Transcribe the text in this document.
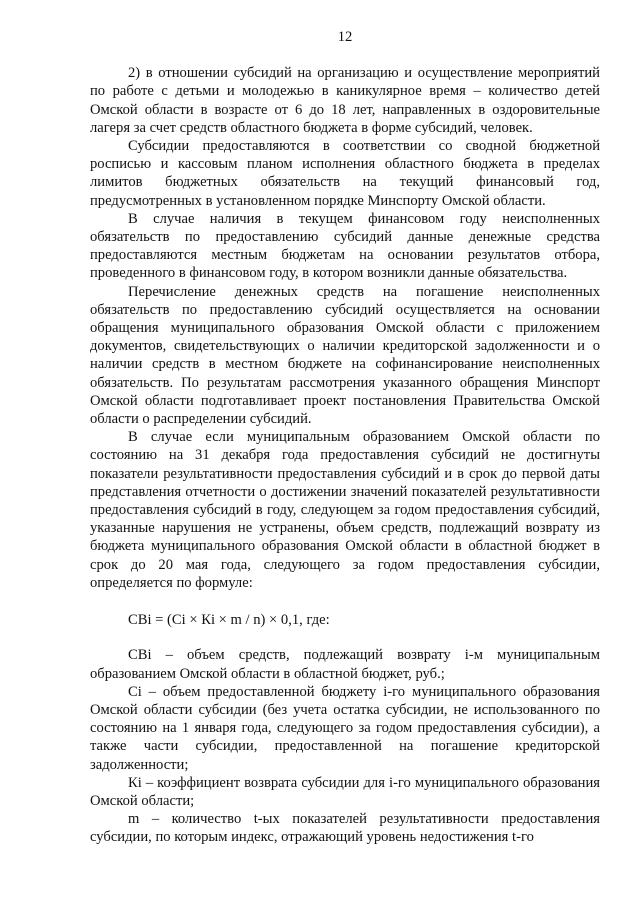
12

2) в отношении субсидий на организацию и осуществление мероприятий по работе с детьми и молодежью в каникулярное время – количество детей Омской области в возрасте от 6 до 18 лет, направленных в оздоровительные лагеря за счет средств областного бюджета в форме субсидий, человек.

Субсидии предоставляются в соответствии со сводной бюджетной росписью и кассовым планом исполнения областного бюджета в пределах лимитов бюджетных обязательств на текущий финансовый год, предусмотренных в установленном порядке Минспорту Омской области.

В случае наличия в текущем финансовом году неисполненных обязательств по предоставлению субсидий данные денежные средства предоставляются местным бюджетам на основании результатов отбора, проведенного в финансовом году, в котором возникли данные обязательства.

Перечисление денежных средств на погашение неисполненных обязательств по предоставлению субсидий осуществляется на основании обращения муниципального образования Омской области с приложением документов, свидетельствующих о наличии кредиторской задолженности и о наличии средств в местном бюджете на софинансирование неисполненных обязательств. По результатам рассмотрения указанного обращения Минспорт Омской области подготавливает проект постановления Правительства Омской области о распределении субсидий.

В случае если муниципальным образованием Омской области по состоянию на 31 декабря года предоставления субсидий не достигнуты показатели результативности предоставления субсидий и в срок до первой даты представления отчетности о достижении значений показателей результативности предоставления субсидий в году, следующем за годом предоставления субсидий, указанные нарушения не устранены, объем средств, подлежащий возврату из бюджета муниципального образования Омской области в областной бюджет в срок до 20 мая года, следующего за годом предоставления субсидии, определяется по формуле:

СВi = (Сi × Кi × m / n) × 0,1, где:

СВi – объем средств, подлежащий возврату i-м муниципальным образованием Омской области в областной бюджет, руб.;

Сi – объем предоставленной бюджету i-го муниципального образования Омской области субсидии (без учета остатка субсидии, не использованного по состоянию на 1 января года, следующего за годом предоставления субсидии), а также части субсидии, предоставленной на погашение кредиторской задолженности;

Кi – коэффициент возврата субсидии для i-го муниципального образования Омской области;

m – количество t-ых показателей результативности предоставления субсидии, по которым индекс, отражающий уровень недостижения t-го
